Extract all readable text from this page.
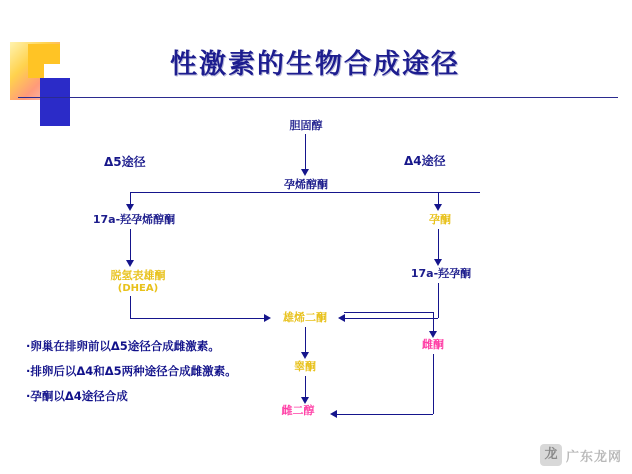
性激素的生物合成途径
Δ5途径	Δ4途径
胆固醇
孕烯醇酮
17a-羟孕烯醇酮
脱氢表雄酮
(DHEA)
孕酮
17a-羟孕酮
雄烯二酮
睾酮
雌酮
雌二醇

·卵巢在排卵前以Δ5途径合成雌激素。

·排卵后以Δ4和Δ5两种途径合成雌激素。

·孕酮以Δ4途径合成

龙 广东龙网
